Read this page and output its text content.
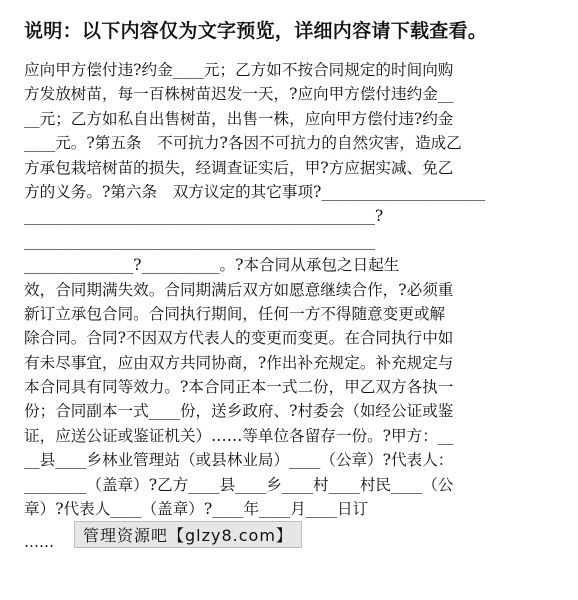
说明：以下内容仅为文字预览，详细内容请下载查看。
应向甲方偿付违?约金____元；乙方如不按合同规定的时间向购
方发放树苗，每一百株树苗迟发一天，?应向甲方偿付违约金__
__元；乙方如私自出售树苗，出售一株，应向甲方偿付违?约金
____元。?第五条　不可抗力?各因不可抗力的自然灾害，造成乙
方承包栽培树苗的损失，经调查证实后，甲?方应据实减、免乙
方的义务。?第六条　双方议定的其它事项?_____________________
_____________________________________________?
_____________________________________________
______________?__________。?本合同从承包之日起生
效，合同期满失效。合同期满后双方如愿意继续合作，?必须重
新订立承包合同。合同执行期间，任何一方不得随意变更或解
除合同。合同?不因双方代表人的变更而变更。在合同执行中如
有未尽事宜，应由双方共同协商，?作出补充规定。补充规定与
本合同具有同等效力。?本合同正本一式二份，甲乙双方各执一
份；合同副本一式____份，送乡政府、?村委会（如经公证或鉴
证，应送公证或鉴证机关）……等单位各留存一份。?甲方：__
__县____乡林业管理站（或县林业局）____（公章）?代表人：
________（盖章）?乙方____县____乡____村____村民____（公
章）?代表人____（盖章）?____年____月____日订
……	管理资源吧【glzy8.com】
